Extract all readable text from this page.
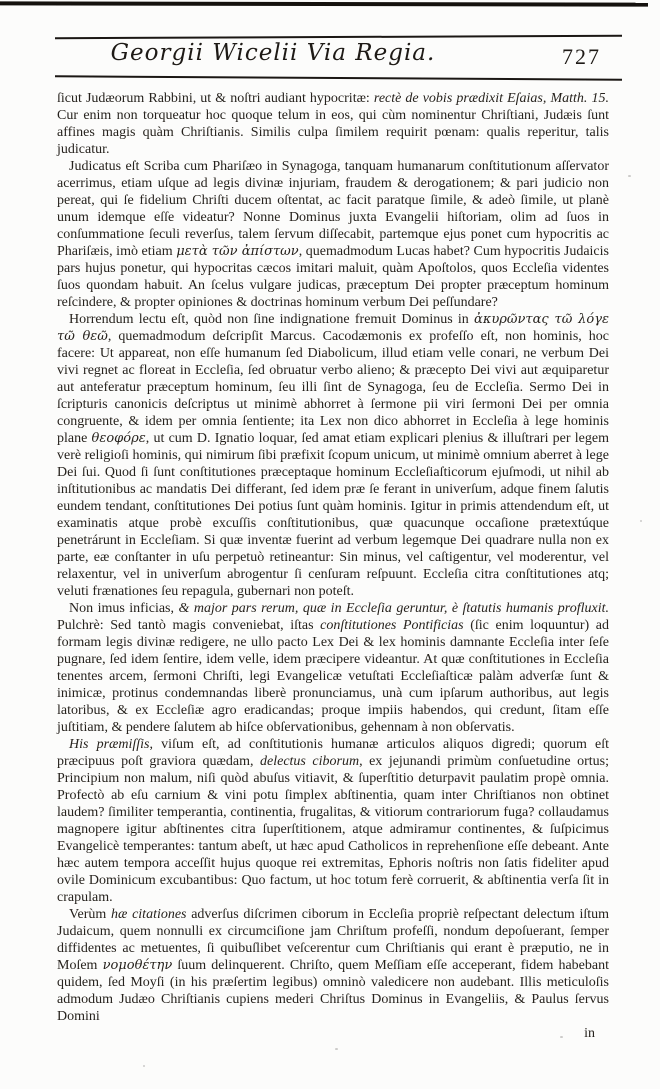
Georgii Wicelii Via Regia.	727

ſicut Judæorum Rabbini, ut & noſtri audiant hypocritæ: rectè de vobis prædixit Eſaias, Matth. 15. Cur enim non torqueatur hoc quoque telum in eos, qui cùm nominentur Chriſtiani, Judæis ſunt affines magis quàm Chriſtianis. Similis culpa ſimilem requirit pœnam: qualis reperitur, talis judicatur.

Judicatus eſt Scriba cum Phariſæo in Synagoga, tanquam humanarum conſtitutionum aſſervator acerrimus, etiam uſque ad legis divinæ injuriam, fraudem & derogationem; & pari judicio non pereat, qui ſe fidelium Chriſti ducem oſtentat, ac facit paratque ſimile, & adeò ſimile, ut planè unum idemque eſſe videatur? Nonne Dominus juxta Evangelii hiſtoriam, olim ad ſuos in conſummatione ſeculi reverſus, talem ſervum diſſecabit, partemque ejus ponet cum hypocritis ac Phariſæis, imò etiam μετὰ τῶν ἀπίστων, quemadmodum Lucas habet? Cum hypocritis Judaicis pars hujus ponetur, qui hypocritas cæcos imitari maluit, quàm Apoſtolos, quos Eccleſia videntes ſuos quondam habuit. An ſcelus vulgare judicas, præceptum Dei propter præceptum hominum reſcindere, & propter opiniones & doctrinas hominum verbum Dei peſſundare?

Horrendum lectu eſt, quòd non ſine indignatione fremuit Dominus in ἀκυρῶντας τῶ λόγε τῶ θεῶ, quemadmodum deſcripſit Marcus. Cacodæmonis ex profeſſo eſt, non hominis, hoc facere: Ut appareat, non eſſe humanum ſed Diabolicum, illud etiam velle conari, ne verbum Dei vivi regnet ac floreat in Eccleſia, ſed obruatur verbo alieno; & præcepto Dei vivi aut æquiparetur aut anteferatur præceptum hominum, ſeu illi ſint de Synagoga, ſeu de Eccleſia. Sermo Dei in ſcripturis canonicis deſcriptus ut minimè abhorret à ſermone pii viri ſermoni Dei per omnia congruente, & idem per omnia ſentiente; ita Lex non dico abhorret in Eccleſia à lege hominis plane θεοφόρε, ut cum D. Ignatio loquar, ſed amat etiam explicari plenius & illuſtrari per legem verè religioſi hominis, qui nimirum ſibi præfixit ſcopum unicum, ut minimè omnium aberret à lege Dei ſui. Quod ſi ſunt conſtitutiones præceptaque hominum Eccleſiaſticorum ejuſmodi, ut nihil ab inſtitutionibus ac mandatis Dei differant, ſed idem præ ſe ferant in univerſum, adque finem ſalutis eundem tendant, conſtitutiones Dei potius ſunt quàm hominis. Igitur in primis attendendum eſt, ut examinatis atque probè excuſſis conſtitutionibus, quæ quacunque occaſione prætextúque penetrárunt in Eccleſiam. Si quæ inventæ fuerint ad verbum legemque Dei quadrare nulla non ex parte, eæ conſtanter in uſu perpetuò retineantur: Sin minus, vel caſtigentur, vel moderentur, vel relaxentur, vel in univerſum abrogentur ſi cenſuram reſpuunt. Eccleſia citra conſtitutiones atq; veluti frænationes ſeu repagula, gubernari non poteſt.

Non imus inficias, & major pars rerum, quæ in Eccleſia geruntur, è ſtatutis humanis profluxit. Pulchrè: Sed tantò magis conveniebat, iſtas conſtitutiones Pontificias (ſic enim loquuntur) ad formam legis divinæ redigere, ne ullo pacto Lex Dei & lex hominis damnante Eccleſia inter ſeſe pugnare, ſed idem ſentire, idem velle, idem præcipere videantur. At quæ conſtitutiones in Eccleſia tenentes arcem, ſermoni Chriſti, legi Evangelicæ vetuſtati Eccleſiaſticæ palàm adverſæ ſunt & inimicæ, protinus condemnandas liberè pronunciamus, unà cum ipſarum authoribus, aut legis latoribus, & ex Eccleſiæ agro eradicandas; proque impiis habendos, qui credunt, ſitam eſſe juſtitiam, & pendere ſalutem ab hiſce obſervationibus, gehennam à non obſervatis.

His præmiſſis, viſum eſt, ad conſtitutionis humanæ articulos aliquos digredi; quorum eſt præcipuus poſt graviora quædam, delectus ciborum, ex jejunandi primùm conſuetudine ortus; Principium non malum, niſi quòd abuſus vitiavit, & ſuperſtitio deturpavit paulatim propè omnia. Profectò ab eſu carnium & vini potu ſimplex abſtinentia, quam inter Chriſtianos non obtinet laudem? ſimiliter temperantia, continentia, frugalitas, & vitiorum contrariorum fuga? collaudamus magnopere igitur abſtinentes citra ſuperſtitionem, atque admiramur continentes, & ſuſpicimus Evangelicè temperantes: tantum abeſt, ut hæc apud Catholicos in reprehenſione eſſe debeant. Ante hæc autem tempora acceſſit hujus quoque rei extremitas, Ephoris noſtris non ſatis fideliter apud ovile Dominicum excubantibus: Quo factum, ut hoc totum ferè corruerit, & abſtinentia verſa ſit in crapulam.

Verùm hæ citationes adverſus diſcrimen ciborum in Eccleſia propriè reſpectant delectum iſtum Judaicum, quem nonnulli ex circumciſione jam Chriſtum profeſſi, nondum depoſuerant, ſemper diffidentes ac metuentes, ſi quibuſlibet veſcerentur cum Chriſtianis qui erant è præputio, ne in Moſem νομοθέτην ſuum delinquerent. Chriſto, quem Meſſiam eſſe acceperant, fidem habebant quidem, ſed Moyſi (in his præſertim legibus) omninò valedicere non audebant. Illis meticuloſis admodum Judæo Chriſtianis cupiens mederi Chriſtus Dominus in Evangeliis, & Paulus ſervus Domini

in
